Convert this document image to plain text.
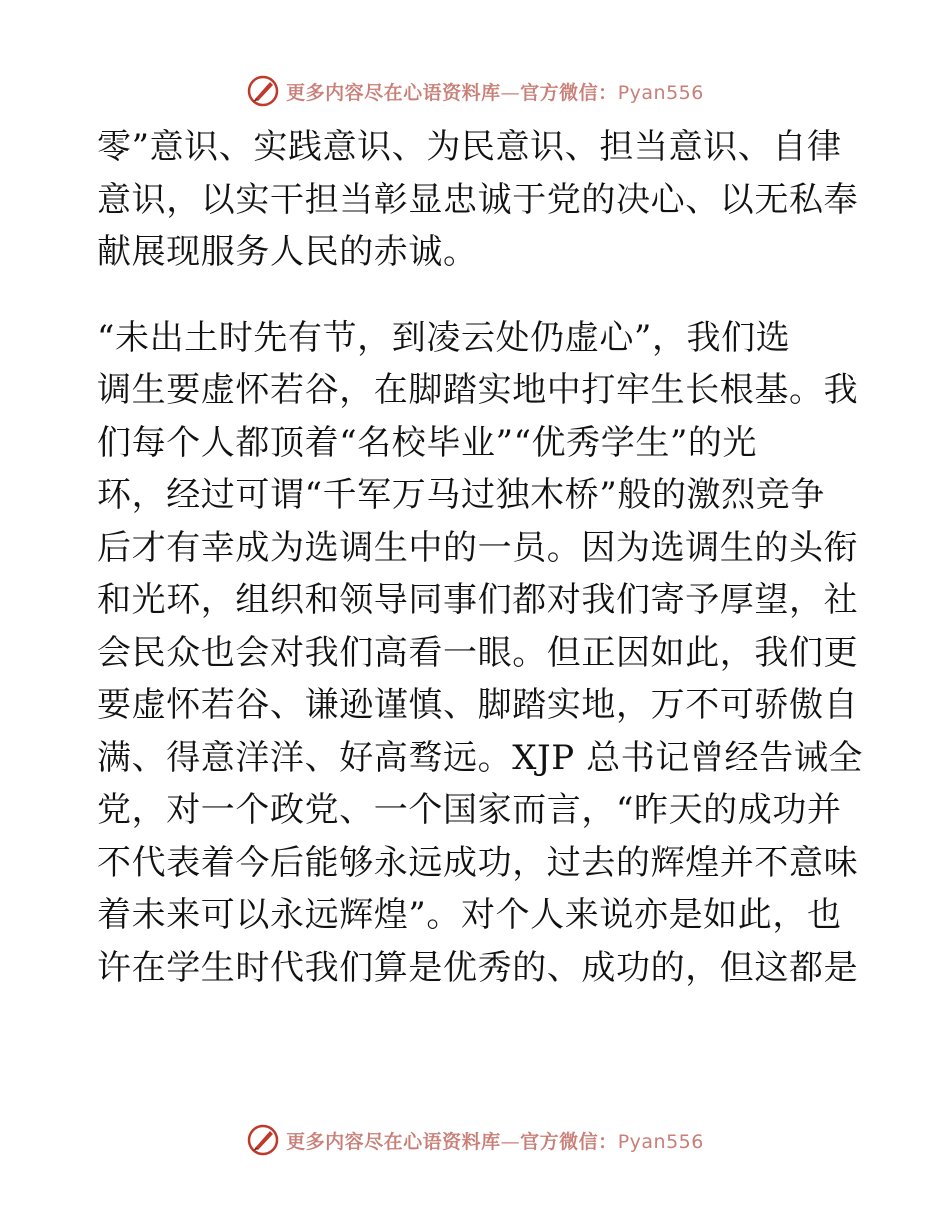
更多内容尽在心语资料库—官方微信：Pyan556
零”意识、实践意识、为民意识、担当意识、自律
意识，以实干担当彰显忠诚于党的决心、以无私奉
献展现服务人民的赤诚。
“未出土时先有节，到凌云处仍虚心”，我们选
调生要虚怀若谷，在脚踏实地中打牢生长根基。我
们每个人都顶着“名校毕业”“优秀学生”的光
环，经过可谓“千军万马过独木桥”般的激烈竞争
后才有幸成为选调生中的一员。因为选调生的头衔
和光环，组织和领导同事们都对我们寄予厚望，社
会民众也会对我们高看一眼。但正因如此，我们更
要虚怀若谷、谦逊谨慎、脚踏实地，万不可骄傲自
满、得意洋洋、好高骛远。XJP 总书记曾经告诫全
党，对一个政党、一个国家而言，“昨天的成功并
不代表着今后能够永远成功，过去的辉煌并不意味
着未来可以永远辉煌”。对个人来说亦是如此，也
许在学生时代我们算是优秀的、成功的，但这都是
更多内容尽在心语资料库—官方微信：Pyan556
